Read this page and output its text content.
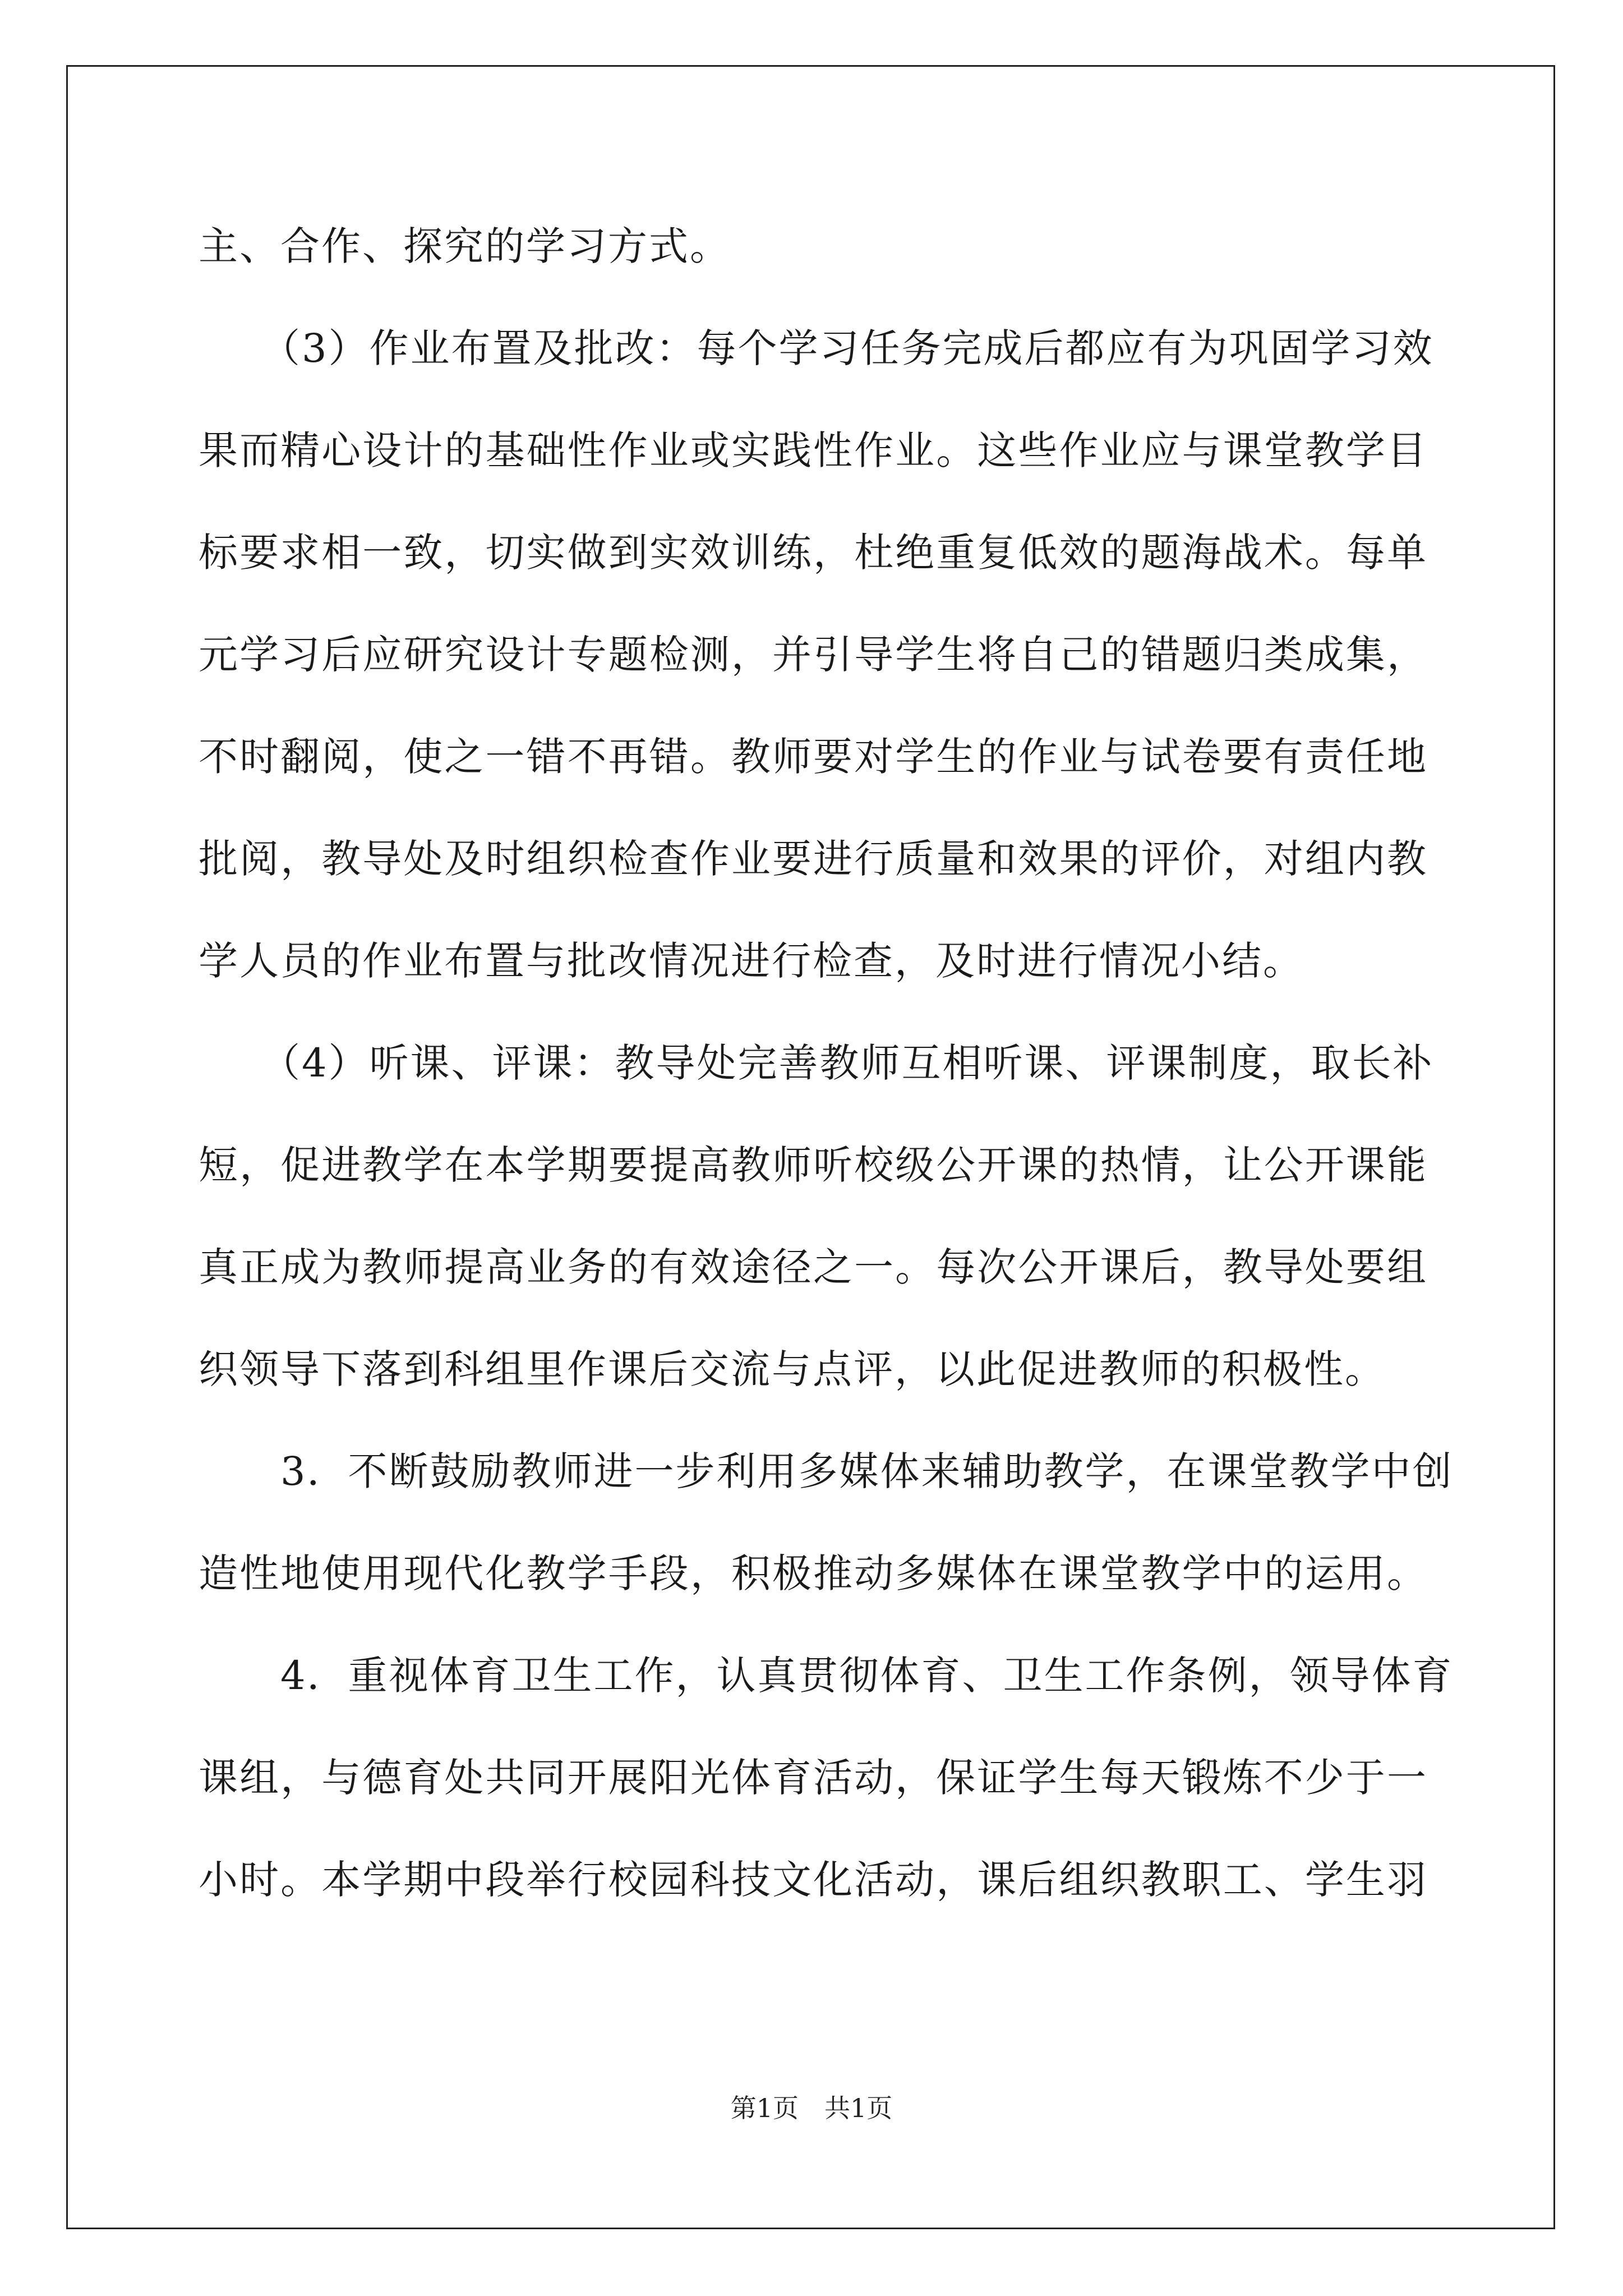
主、合作、探究的学习方式。
　　（3）作业布置及批改：每个学习任务完成后都应有为巩固学习效
果而精心设计的基础性作业或实践性作业。这些作业应与课堂教学目
标要求相一致，切实做到实效训练，杜绝重复低效的题海战术。每单
元学习后应研究设计专题检测，并引导学生将自己的错题归类成集，
不时翻阅，使之一错不再错。教师要对学生的作业与试卷要有责任地
批阅，教导处及时组织检查作业要进行质量和效果的评价，对组内教
学人员的作业布置与批改情况进行检查，及时进行情况小结。
　　（4）听课、评课：教导处完善教师互相听课、评课制度，取长补
短，促进教学在本学期要提高教师听校级公开课的热情，让公开课能
真正成为教师提高业务的有效途径之一。每次公开课后，教导处要组
织领导下落到科组里作课后交流与点评，以此促进教师的积极性。
　　3．不断鼓励教师进一步利用多媒体来辅助教学，在课堂教学中创
造性地使用现代化教学手段，积极推动多媒体在课堂教学中的运用。
　　4．重视体育卫生工作，认真贯彻体育、卫生工作条例，领导体育
课组，与德育处共同开展阳光体育活动，保证学生每天锻炼不少于一
小时。本学期中段举行校园科技文化活动，课后组织教职工、学生羽
第1页　共1页
